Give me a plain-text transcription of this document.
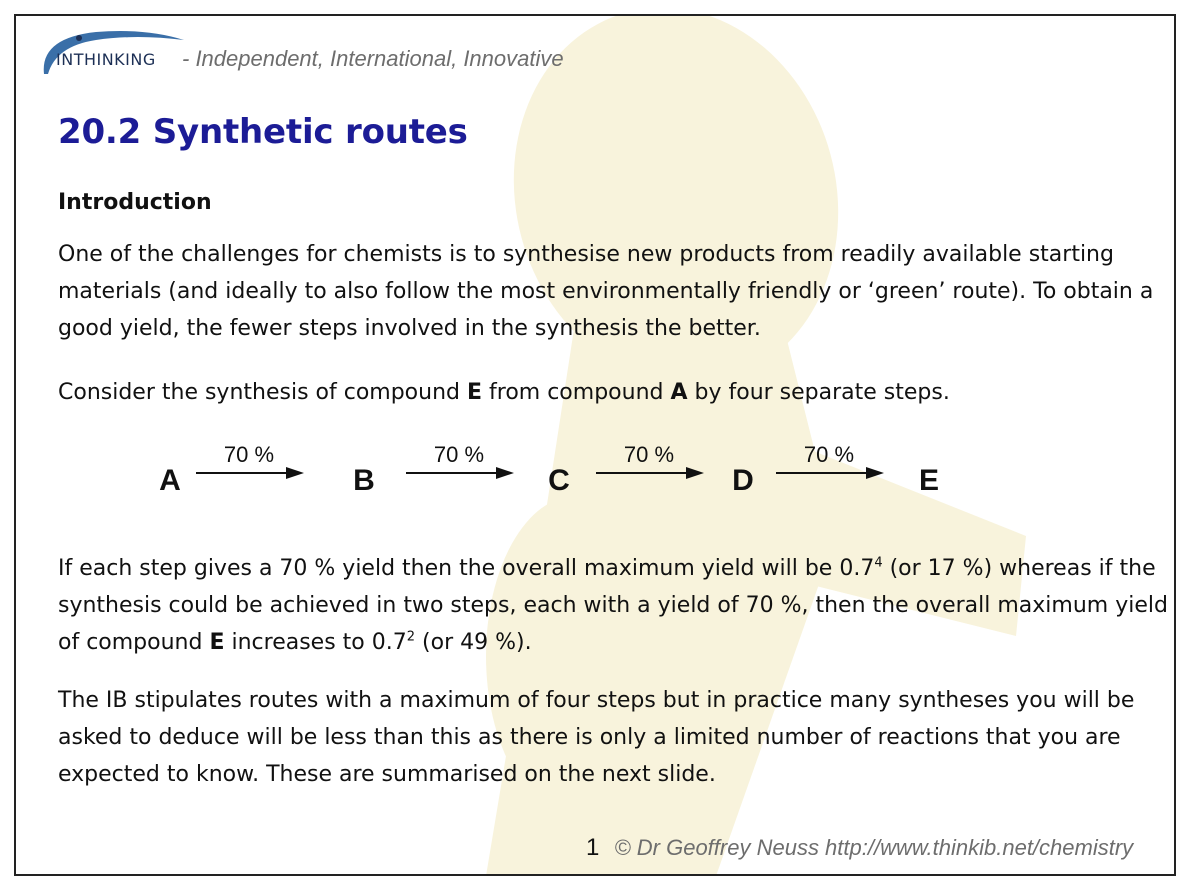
INTHINKING - Independent, International, Innovative
20.2 Synthetic routes
Introduction

One of the challenges for chemists is to synthesise new products from readily available starting materials (and ideally to also follow the most environmentally friendly or ‘green’ route). To obtain a good yield, the fewer steps involved in the synthesis the better.

Consider the synthesis of compound E from compound A by four separate steps.

A
70 %
B
70 %
C
70 %
D
70 %
E

If each step gives a 70 % yield then the overall maximum yield will be $0.7^4$ (or 17 %) whereas if the synthesis could be achieved in two steps, each with a yield of 70 %, then the overall maximum yield of compound E increases to $0.7^2$ (or 49 %).

The IB stipulates routes with a maximum of four steps but in practice many syntheses you will be asked to deduce will be less than this as there is only a limited number of reactions that you are expected to know. These are summarised on the next slide.

1 © Dr Geoffrey Neuss http://www.thinkib.net/chemistry
